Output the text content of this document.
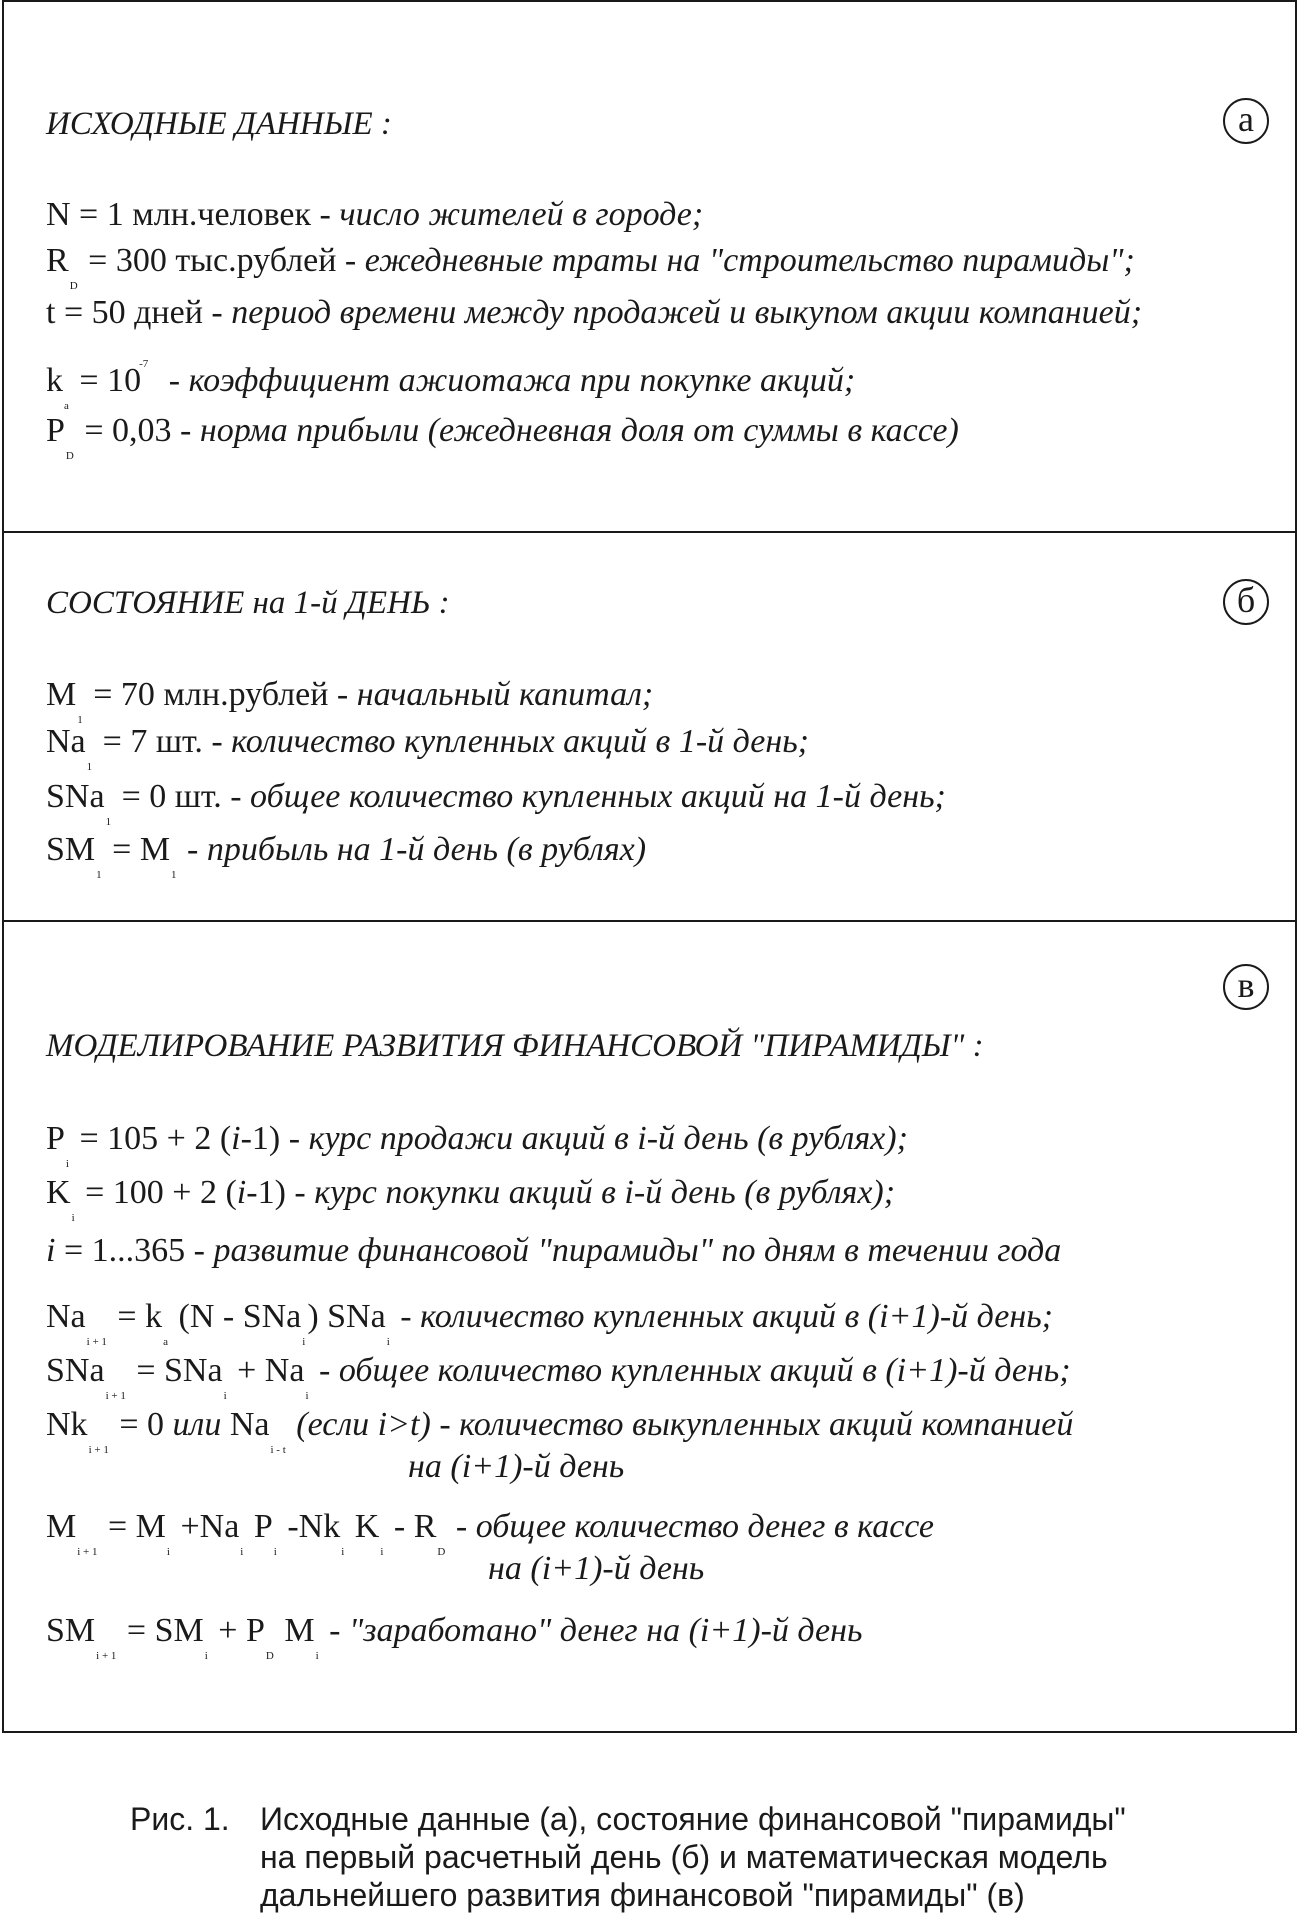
а
ИСХОДНЫЕ ДАННЫЕ :
N = 1 млн.человек - число жителей в городе;
$R_D = 300$ тыс.рублей - ежедневные траты на "строительство пирамиды";
t = 50 дней - период времени между продажей и выкупом акции компанией;
$k_a = 10^{-7}$ - коэффициент ажиотажа при покупке акций;
$P_D = 0,03$ - норма прибыли (ежедневная доля от суммы в кассе)
б
СОСТОЯНИЕ на 1-й ДЕНЬ :
$M_1 = 70$ млн.рублей - начальный капитал;
$Na_1 = 7$ шт. - количество купленных акций в 1-й день;
SNa$_1$ = 0 шт. - общее количество купленных акций на 1-й день;
$SM_1 = M_1$ - прибыль на 1-й день (в рублях)
в
МОДЕЛИРОВАНИЕ РАЗВИТИЯ ФИНАНСОВОЙ "ПИРАМИДЫ" :
$P_i = 105 + 2$ (i-1) - курс продажи акций в i-й день (в рублях);
$K_i = 100 + 2$ (i-1) - курс покупки акций в i-й день (в рублях);
i = 1...365 - развитие финансовой "пирамиды" по дням в течении года
$Na_{i + 1} = k_a$ (N - SNa$_i$) SNa$_i$ - количество купленных акций в (i+1)-й день;
$SNa_{i + 1} = SNa_i + Na_i$ - общее количество купленных акций в (i+1)-й день;
$Nk_{i + 1} = 0$ или $Na_{i - t}$ (если i>t) - количество выкупленных акций компанией
на (i+1)-й день
$M_{i + 1} = M_i +Na_i$ $P_i$ $-Nk_i$ $K_i - R_D$ - общее количество денег в кассе
на (i+1)-й день
$SM_{i + 1} = SM_i + P_D$ $M_i$ - "заработано" денег на (i+1)-й день
Рис. 1. Исходные данные (а), состояние финансовой "пирамиды"
на первый расчетный день (б) и математическая модель
дальнейшего развития финансовой "пирамиды" (в)
